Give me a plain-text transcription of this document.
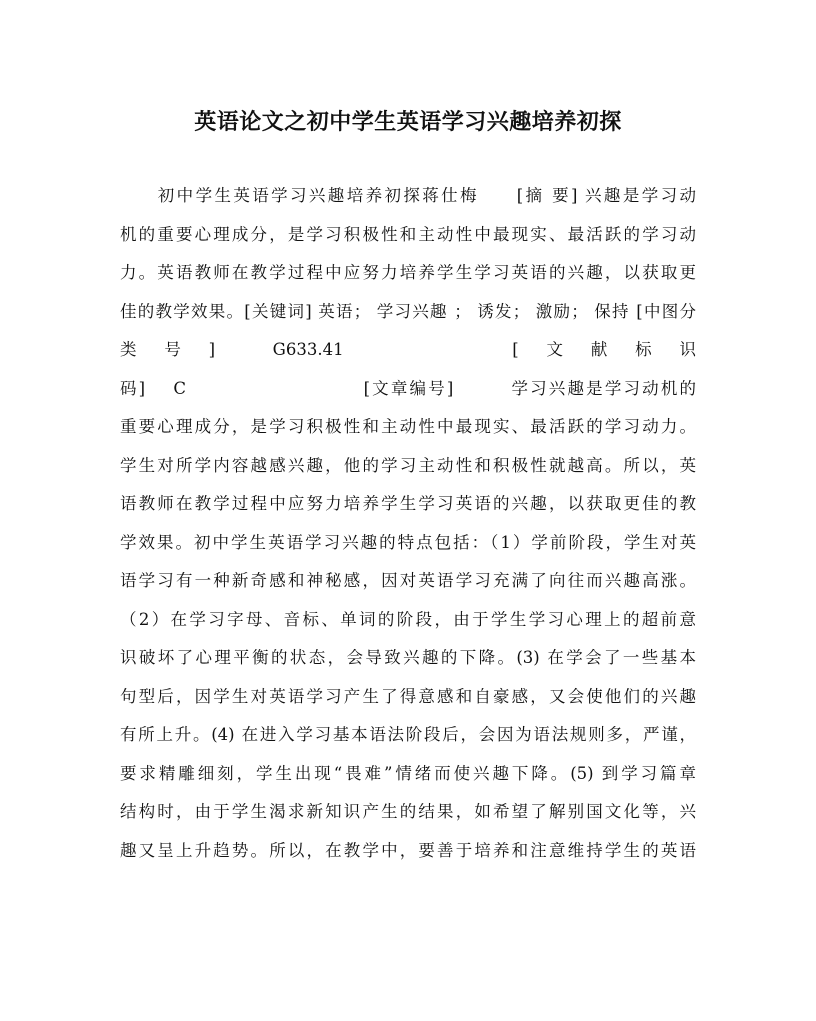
英语论文之初中学生英语学习兴趣培养初探
　　初中学生英语学习兴趣培养初探蒋仕梅　　[摘 要] 兴趣是学习动
机的重要心理成分，是学习积极性和主动性中最现实、最活跃的学习动
力。英语教师在教学过程中应努力培养学生学习英语的兴趣，以获取更
佳的教学效果。[关键词] 英语； 学习兴趣 ； 诱发； 激励； 保持 [中图分
类　 号　 ]　　　G633.41　　　　　　　　　[　 文　 献　 标　 识
码]　 C　　　　　　　　　 [文章编号]　　　学习兴趣是学习动机的
重要心理成分，是学习积极性和主动性中最现实、最活跃的学习动力。
学生对所学内容越感兴趣，他的学习主动性和积极性就越高。所以，英
语教师在教学过程中应努力培养学生学习英语的兴趣，以获取更佳的教
学效果。初中学生英语学习兴趣的特点包括：（1）学前阶段，学生对英
语学习有一种新奇感和神秘感，因对英语学习充满了向往而兴趣高涨。
（2）在学习字母、音标、单词的阶段，由于学生学习心理上的超前意
识破坏了心理平衡的状态，会导致兴趣的下降。(3) 在学会了一些基本
句型后，因学生对英语学习产生了得意感和自豪感，又会使他们的兴趣
有所上升。(4) 在进入学习基本语法阶段后，会因为语法规则多，严谨，
要求精雕细刻，学生出现“畏难”情绪而使兴趣下降。(5) 到学习篇章
结构时，由于学生渴求新知识产生的结果，如希望了解别国文化等，兴
趣又呈上升趋势。所以，在教学中，要善于培养和注意维持学生的英语
